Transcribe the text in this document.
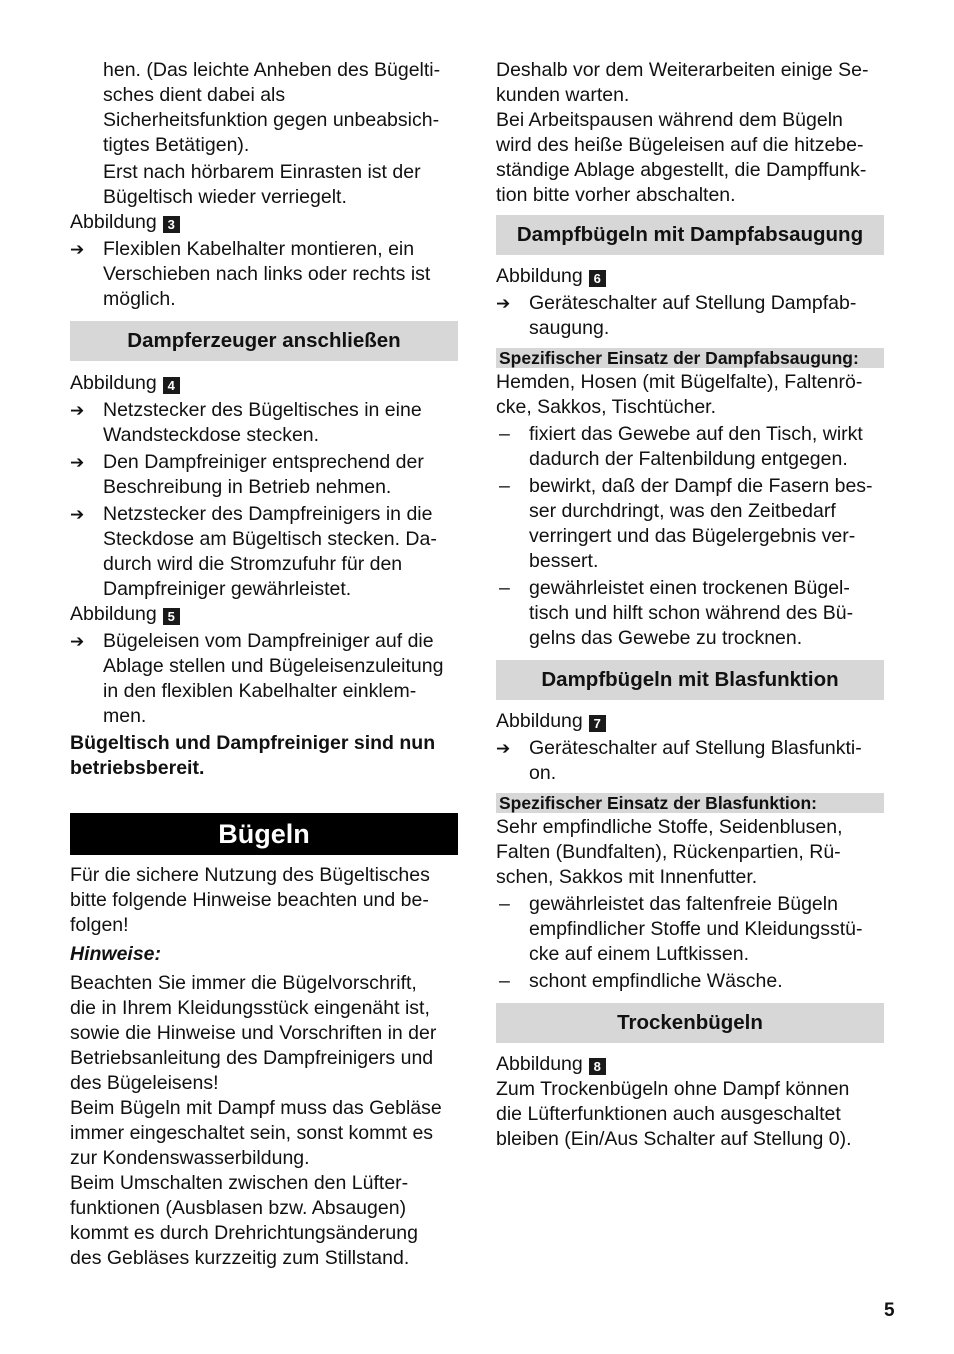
hen. (Das leichte Anheben des Bügelti-

sches dient dabei als

Sicherheitsfunktion gegen unbeabsich-

tigtes Betätigen).

Erst nach hörbarem Einrasten ist der

Bügeltisch wieder verriegelt.

Abbildung 3

➔ Flexiblen Kabelhalter montieren, ein

Verschieben nach links oder rechts ist

möglich.

Dampferzeuger anschließen

Abbildung 4

➔ Netzstecker des Bügeltisches in eine

Wandsteckdose stecken.

➔ Den Dampfreiniger entsprechend der

Beschreibung in Betrieb nehmen.

➔ Netzstecker des Dampfreinigers in die

Steckdose am Bügeltisch stecken. Da-

durch wird die Stromzufuhr für den

Dampfreiniger gewährleistet.

Abbildung 5

➔ Bügeleisen vom Dampfreiniger auf die

Ablage stellen und Bügeleisenzuleitung

in den flexiblen Kabelhalter einklem-

men.

Bügeltisch und Dampfreiniger sind nun

betriebsbereit.

Bügeln

Für die sichere Nutzung des Bügeltisches

bitte folgende Hinweise beachten und be-

folgen!

Hinweise:

Beachten Sie immer die Bügelvorschrift,

die in Ihrem Kleidungsstück eingenäht ist,

sowie die Hinweise und Vorschriften in der

Betriebsanleitung des Dampfreinigers und

des Bügeleisens!

Beim Bügeln mit Dampf muss das Gebläse

immer eingeschaltet sein, sonst kommt es

zur Kondenswasserbildung.

Beim Umschalten zwischen den Lüfter-

funktionen (Ausblasen bzw. Absaugen)

kommt es durch Drehrichtungsänderung

des Gebläses kurzzeitig zum Stillstand.

Deshalb vor dem Weiterarbeiten einige Se-

kunden warten.

Bei Arbeitspausen während dem Bügeln

wird des heiße Bügeleisen auf die hitzebe-

ständige Ablage abgestellt, die Dampffunk-

tion bitte vorher abschalten.

Dampfbügeln mit Dampfabsaugung

Abbildung 6

➔ Geräteschalter auf Stellung Dampfab-

saugung.

Spezifischer Einsatz der Dampfabsaugung:

Hemden, Hosen (mit Bügelfalte), Faltenrö-

cke, Sakkos, Tischtücher.

– fixiert das Gewebe auf den Tisch, wirkt

dadurch der Faltenbildung entgegen.

– bewirkt, daß der Dampf die Fasern bes-

ser durchdringt, was den Zeitbedarf

verringert und das Bügelergebnis ver-

bessert.

– gewährleistet einen trockenen Bügel-

tisch und hilft schon während des Bü-

gelns das Gewebe zu trocknen.

Dampfbügeln mit Blasfunktion

Abbildung 7

➔ Geräteschalter auf Stellung Blasfunkti-

on.

Spezifischer Einsatz der Blasfunktion:

Sehr empfindliche Stoffe, Seidenblusen,

Falten (Bundfalten), Rückenpartien, Rü-

schen, Sakkos mit Innenfutter.

– gewährleistet das faltenfreie Bügeln

empfindlicher Stoffe und Kleidungsstü-

cke auf einem Luftkissen.

– schont empfindliche Wäsche.

Trockenbügeln

Abbildung 8

Zum Trockenbügeln ohne Dampf können

die Lüfterfunktionen auch ausgeschaltet

bleiben (Ein/Aus Schalter auf Stellung 0).

5
